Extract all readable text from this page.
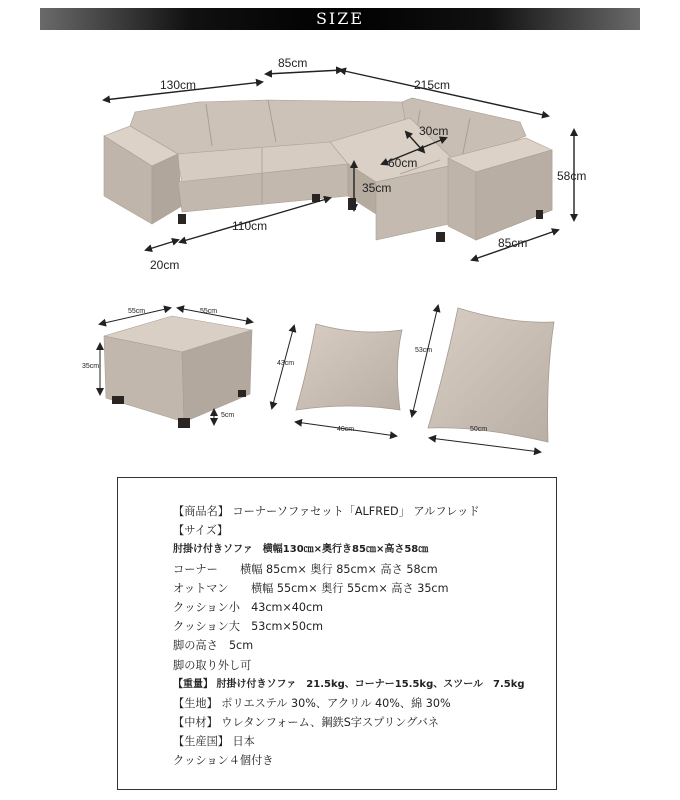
SIZE
130cm
85cm
215cm
30cm
60cm
35cm
58cm
110cm
20cm
85cm
55cm	55cm
35cm
5cm
43cm
40cm
53cm
50cm
【商品名】 コーナーソファセット「ALFRED」 アルフレッド
【サイズ】
肘掛け付きソファ　横幅130㎝×奥行き85㎝×高さ58㎝
コーナー　　横幅 85cm× 奥行 85cm× 高さ 58cm
オットマン　　横幅 55cm× 奥行 55cm× 高さ 35cm
クッション小　43cm×40cm
クッション大　53cm×50cm
脚の高さ　5cm
脚の取り外し可
【重量】 肘掛け付きソファ　21.5kg、コーナー15.5kg、スツール　7.5kg
【生地】 ポリエステル 30%、アクリル 40%、綿 30%
【中材】 ウレタンフォーム、鋼鉄S字スプリングバネ
【生産国】 日本
クッション４個付き
